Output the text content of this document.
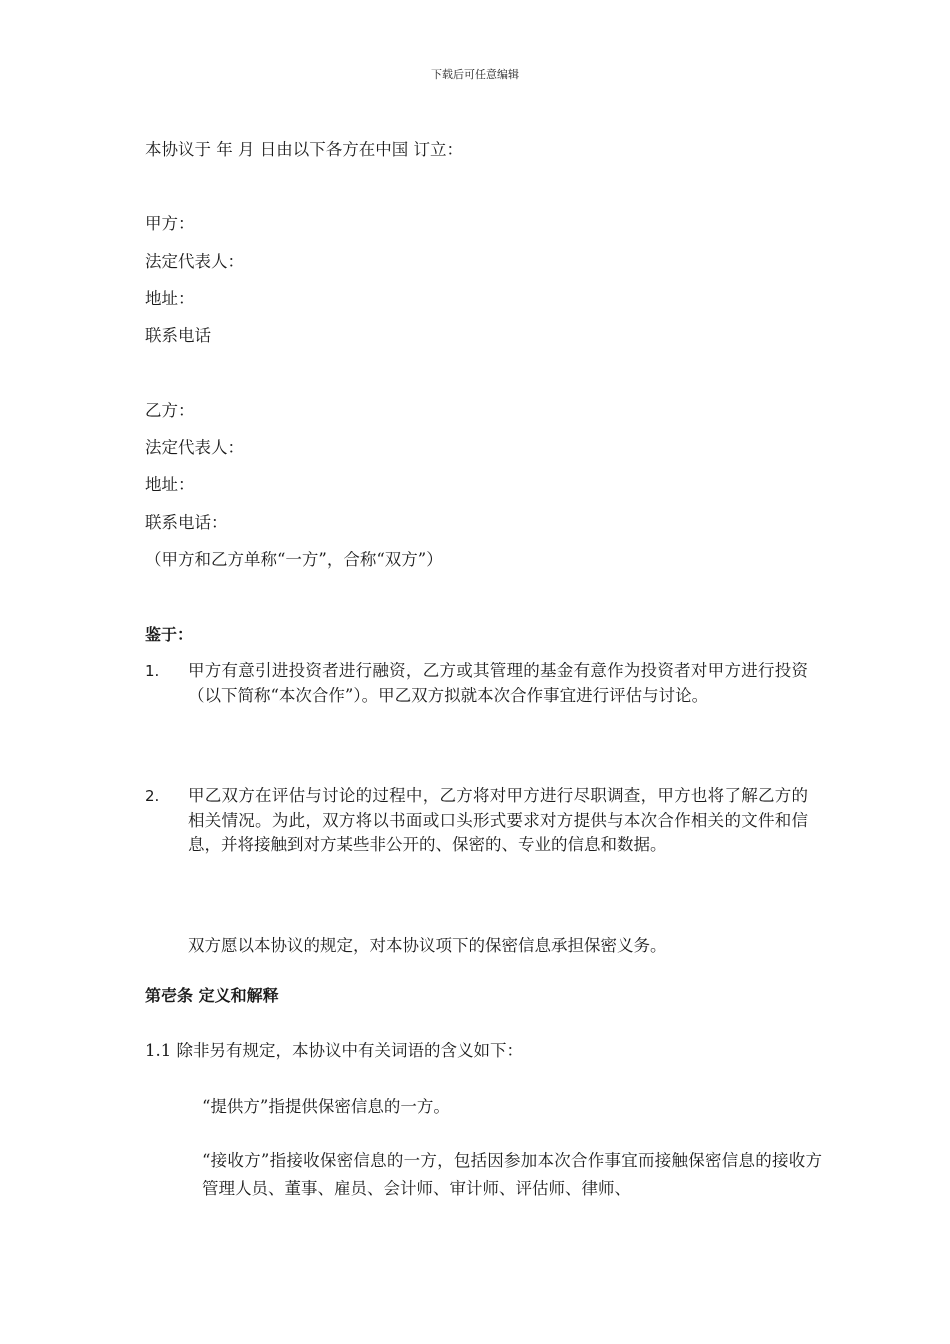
下载后可任意编辑
本协议于 年 月 日由以下各方在中国 订立：
甲方：
法定代表人：
地址：
联系电话
乙方：
法定代表人：
地址：
联系电话：
（甲方和乙方单称“一方”，合称“双方”）
鉴于：
1.	甲方有意引进投资者进行融资，乙方或其管理的基金有意作为投资者对甲方进行投资（以下简称“本次合作”）。甲乙双方拟就本次合作事宜进行评估与讨论。
2.	甲乙双方在评估与讨论的过程中，乙方将对甲方进行尽职调查，甲方也将了解乙方的相关情况。为此，双方将以书面或口头形式要求对方提供与本次合作相关的文件和信息，并将接触到对方某些非公开的、保密的、专业的信息和数据。
双方愿以本协议的规定，对本协议项下的保密信息承担保密义务。
第壱条 定义和解释
1.1 除非另有规定，本协议中有关词语的含义如下：
“提供方”指提供保密信息的一方。
“接收方”指接收保密信息的一方，包括因参加本次合作事宜而接触保密信息的接收方管理人员、董事、雇员、会计师、审计师、评估师、律师、
